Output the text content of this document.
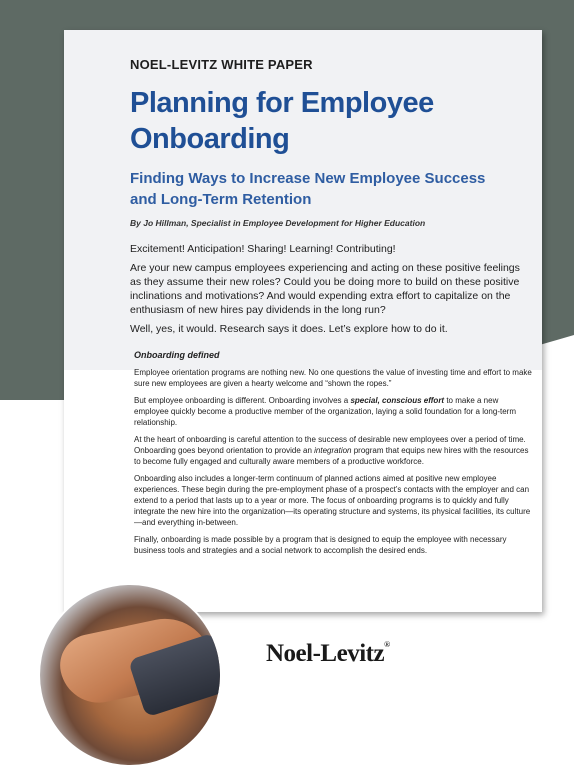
NOEL-LEVITZ WHITE PAPER
Planning for Employee Onboarding
Finding Ways to Increase New Employee Success and Long-Term Retention
By Jo Hillman, Specialist in Employee Development for Higher Education

Excitement! Anticipation! Sharing! Learning! Contributing!

Are your new campus employees experiencing and acting on these positive feelings as they assume their new roles? Could you be doing more to build on these positive inclinations and motivations? And would expending extra effort to capitalize on the enthusiasm of new hires pay dividends in the long run?

Well, yes, it would. Research says it does. Let’s explore how to do it.

Onboarding defined

Employee orientation programs are nothing new. No one questions the value of investing time and effort to make sure new employees are given a hearty welcome and “shown the ropes.”

But employee onboarding is different. Onboarding involves a special, conscious effort to make a new employee quickly become a productive member of the organization, laying a solid foundation for a long-term relationship.

At the heart of onboarding is careful attention to the success of desirable new employees over a period of time. Onboarding goes beyond orientation to provide an integration program that equips new hires with the resources to become fully engaged and culturally aware members of a productive workforce.

Onboarding also includes a longer-term continuum of planned actions aimed at positive new employee experiences. These begin during the pre-employment phase of a prospect’s contacts with the employer and can extend to a period that lasts up to a year or more. The focus of onboarding programs is to quickly and fully integrate the new hire into the organization—its operating structure and systems, its physical facilities, its culture—and everything in-between.

Finally, onboarding is made possible by a program that is designed to equip the employee with necessary business tools and strategies and a social network to accomplish the desired ends.

Noel-Levitz®
